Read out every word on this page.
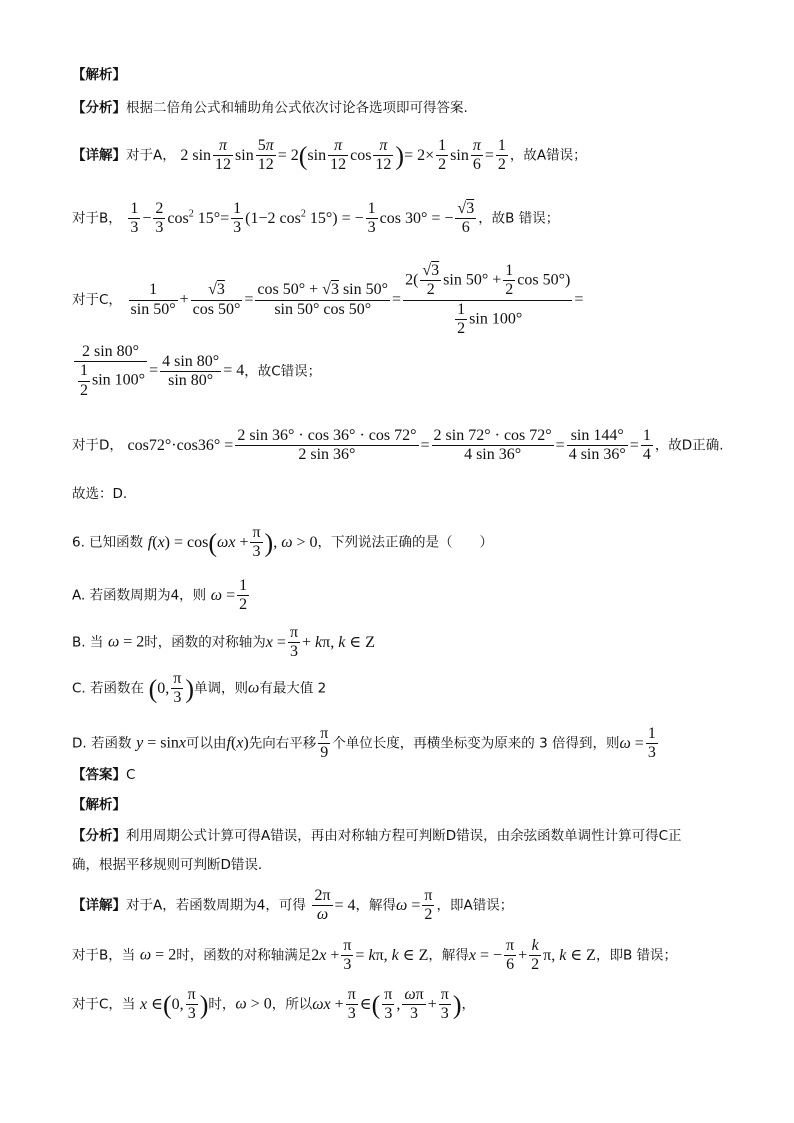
【解析】
【分析】根据二倍角公式和辅助角公式依次讨论各选项即可得答案.
【详解】对于A， 2 $\sin \frac{\pi}{12}$ $\sin \frac{5\pi}{12} = 2(\sin \frac{\pi}{12}$ $\cos \frac{\pi}{12}$ )= $2\times \frac{1}{2}$ $\sin \frac{\pi}{6} = \frac{1}{2}$ ，故A错误；
对于B， $\frac{1}{3} - \frac{2}{3} \cos^2 15^\circ= \frac{1}{3} (1-2$ $\cos^2 15^\circ$) = − $\frac{1}{3}$ cos 30° = − $\frac{√3}{6}$ ，故B 错误；
对于C， $\frac{1}{\sin 50^\circ} + \frac{√3}{\cos 50^\circ} = \frac{\cos 50^\circ + √3 \sin 50^\circ}{\sin 50^\circ \cos 50^\circ} = \frac{2( \frac{√3}{2} \sin 50^\circ + \frac{1}{2} \cos 50^\circ)}{\frac{1}{2} \sin 100^\circ}$ =
$\frac{2 \sin 80^\circ}{\frac{1}{2} \sin 100^\circ} = \frac{4 \sin 80^\circ}{\sin 80^\circ} = 4$，故C错误；
对于D， $\cos 72^\circ\cdot\cos 36^\circ = \frac{2 \sin 36^\circ \cdot \cos 36^\circ \cdot \cos 72^\circ}{2 \sin 36^\circ} = \frac{2 \sin 72^\circ \cdot \cos 72^\circ}{4 \sin 36^\circ} = \frac{\sin 144^\circ}{4 \sin 36^\circ} = \frac{1}{4}$ ，故D正确.
故选：D.
6. 已知函数 $f(x) = \cos(\omega x + \frac{\pi}{3}$ ), ω > 0，下列说法正确的是（　　）
A. 若函数周期为4，则 $\omega = \frac{1}{2}$
B. 当 ω = 2时，函数的对称轴为$x = \frac{\pi}{3} + k\pi$, k ∈ Z
C. 若函数在 (0, $\frac{\pi}{3}$ )单调，则ω有最大值 2
D. 若函数 y = sinx可以由f(x)先向右平移 $\frac{\pi}{9}$ 个单位长度，再横坐标变为原来的 3 倍得到，则$\omega = \frac{1}{3}$
【答案】C
【解析】
【分析】利用周期公式计算可得A错误，再由对称轴方程可判断D错误，由余弦函数单调性计算可得C正
确，根据平移规则可判断D错误.
【详解】对于A，若函数周期为4，可得 $\frac{2\pi}{\omega} = 4$，解得$\omega = \frac{\pi}{2}$ ，即A错误；
对于B，当 ω = 2时，函数的对称轴满足$2x + \frac{\pi}{3} = k\pi$, k ∈ Z，解得x = − $\frac{\pi}{6} + \frac{k}{2} \pi$, k ∈ Z，即B 错误；
对于C，当 x ∈(0, $\frac{\pi}{3}$ )时，ω > 0，所以$\omega x + \frac{\pi}{3}$ ∈( $\frac{\pi}{3}$ , $\frac{\omega\pi}{3} + \frac{\pi}{3}$ )，
